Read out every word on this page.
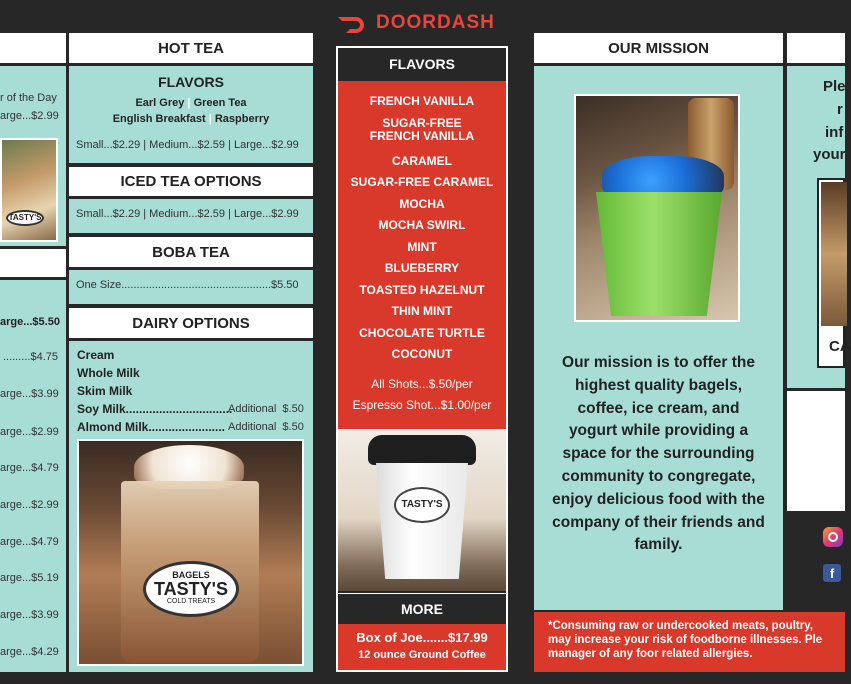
r of the Day
arge...$2.99
TASTY'S
arge...$5.50
.........$4.75
arge...$3.99
arge...$2.99
arge...$4.79
arge...$2.99
arge...$4.79
arge...$5.19
arge...$3.99
arge...$4.29
HOT TEA
FLAVORS
Earl Grey | Green Tea
English Breakfast | Raspberry
Small...$2.29 | Medium...$2.59 | Large...$2.99
ICED TEA OPTIONS
Small...$2.29 | Medium...$2.59 | Large...$2.99
BOBA TEA
One Size.................................................$5.50
DAIRY OPTIONS
Cream
Whole Milk
Skim Milk
Soy Milk................................
Additional  $.50
Almond Milk....................... Additional  $.50
BAGELS
TASTY'S
COLD TREATS
DOORDASH
FLAVORS
FRENCH VANILLA
SUGAR-FREE
FRENCH VANILLA
CARAMEL
SUGAR-FREE CARAMEL
MOCHA
MOCHA SWIRL
MINT
BLUEBERRY
TOASTED HAZELNUT
THIN MINT
CHOCOLATE TURTLE
COCONUT
All Shots...$.50/per
Espresso Shot...$1.00/per
TASTY'S
MORE
Box of Joe.......$17.99
12 ounce Ground Coffee
OUR MISSION
Our mission is to offer the highest quality bagels, coffee, ice cream, and yogurt while providing a space for the surrounding community to congregate, enjoy delicious food with the company of their friends and family.
*Consuming raw or undercooked meats, poultry,
may increase your risk of foodborne illnesses. Ple
manager of any foor related allergies.
Ple
r
inf
your
CA
f
